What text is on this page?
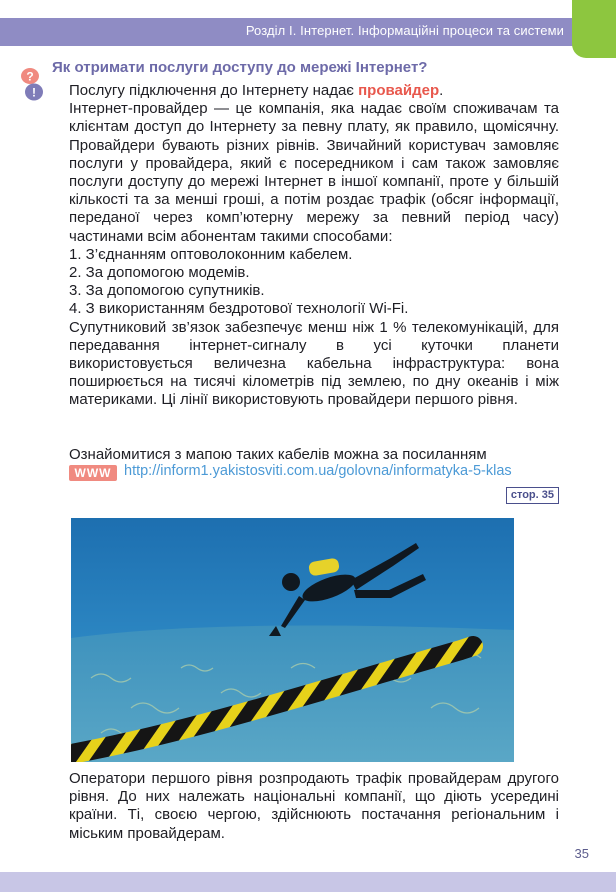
Розділ І. Інтернет. Інформаційні процеси та системи
?
!
Як отримати послуги доступу до мережі Інтернет?
Послугу підключення до Інтернету надає провайдер.
Інтернет-провайдер — це компанія, яка надає своїм споживачам та клієнтам доступ до Інтернету за певну плату, як правило, щомісячну. Провайдери бувають різних рівнів. Звичайний користувач замовляє послуги у провайдера, який є посередником і сам також замовляє послуги доступу до мережі Інтернет в іншої компанії, проте у більшій кількості та за менші гроші, а потім роздає трафік (обсяг інформації, переданої через комп’ютерну мережу за певний період часу) частинами всім абонентам такими способами:
1. З’єднанням оптоволоконним кабелем.
2. За допомогою модемів.
3. За допомогою супутників.
4. З використанням бездротової технології Wi-Fi.
Супутниковий зв’язок забезпечує менш ніж 1 % телекомунікацій, для передавання інтернет-сигналу в усі куточки планети використовується величезна кабельна інфраструктура: вона поширюється на тисячі кілометрів під землею, по дну океанів і між материками. Ці лінії використовують провайдери першого рівня.
Ознайомитися з мапою таких кабелів можна за посиланням
WWW http://inform1.yakistosviti.com.ua/golovna/informatyka-5-klas
стор. 35
Оператори першого рівня розпродають трафік провайдерам другого рівня. До них належать національні компанії, що діють усередині країни. Ті, своєю чергою, здійснюють постачання регіональним і міським провайдерам.
35
